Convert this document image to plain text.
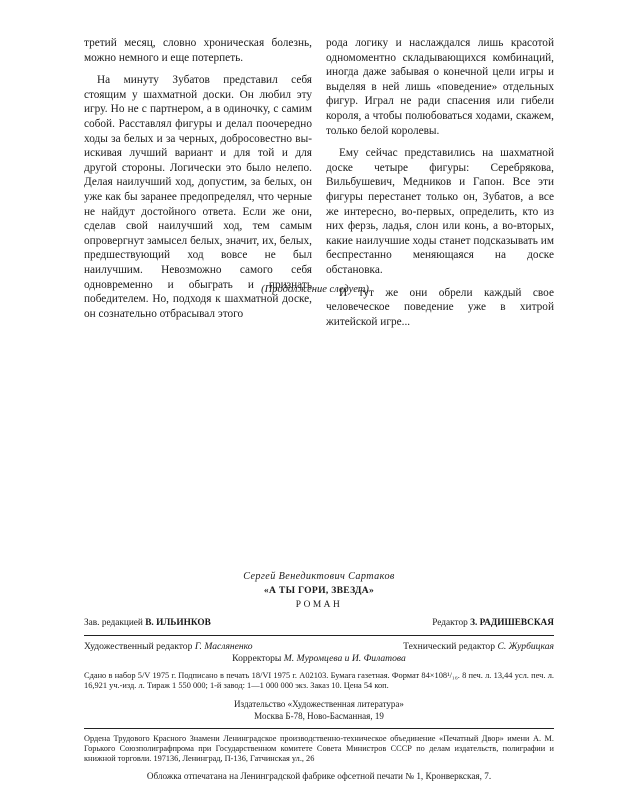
третий месяц, словно хроническая болезнь, можно немного и еще потерпеть.

На минуту Зубатов представил себя стоящим у шахматной доски. Он любил эту игру. Но не с партнером, а в одиночку, с самим собой. Расставлял фигуры и делал поочередно ходы за белых и за черных, добросовестно выискивая лучший вариант и для той и для другой стороны. Логически это было нелепо. Делая наилучший ход, допустим, за белых, он уже как бы заранее предопределял, что черные не найдут достойного ответа. Если же они, сделав свой наилучший ход, тем самым опровергнут замысел белых, значит, их, белых, предшествующий ход вовсе не был наилучшим. Невозможно самого себя одновременно и обыграть и признать победителем. Но, подходя к шахматной доске, он сознательно отбрасывал этого

рода логику и наслаждался лишь красотой одномоментно складывающихся комбинаций, иногда даже забывая о конечной цели игры и выделяя в ней лишь «поведение» отдельных фигур. Играл не ради спасения или гибели короля, а чтобы полюбоваться ходами, скажем, только белой королевы.

Ему сейчас представились на шахматной доске четыре фигуры: Серебрякова, Вильбушевич, Медников и Гапон. Все эти фигуры перестанет только он, Зубатов, а все же интересно, во-первых, определить, кто из них ферзь, ладья, слон или конь, а во-вторых, какие наилучшие ходы станет подсказывать им беспрестанно меняющаяся на доске обстановка.

И тут же они обрели каждый свое человеческое поведение уже в хитрой житейской игре...

(Продолжение следует)
Сергей Венедиктович Сартаков
«А ТЫ ГОРИ, ЗВЕЗДА»
РОМАН
Зав. редакцией В. ИЛЬИНКОВ	Редактор З. РАДИШЕВСКАЯ
Художественный редактор Г. Масляненко	Технический редактор С. Журбицкая
Корректоры М. Муромцева и И. Филатова
Сдано в набор 5/V 1975 г. Подписано в печать 18/VI 1975 г. А02103. Бумага газетная. Формат 84×108¹/₁₆. 8 печ. л. 13,44 усл. печ. л. 16,921 уч.-изд. л. Тираж 1 550 000; 1-й завод: 1—1 000 000 экз. Заказ 10. Цена 54 коп.
Издательство «Художественная литература»
Москва Б-78, Ново-Басманная, 19
Ордена Трудового Красного Знамени Ленинградское производственно-техническое объединение «Печатный Двор» имени А. М. Горького Союзполиграфпрома при Государственном комитете Совета Министров СССР по делам издательств, полиграфии и книжной торговли. 197136, Ленинград, П-136, Гатчинская ул., 26
Обложка отпечатана на Ленинградской фабрике офсетной печати № 1, Кронверкская, 7.
